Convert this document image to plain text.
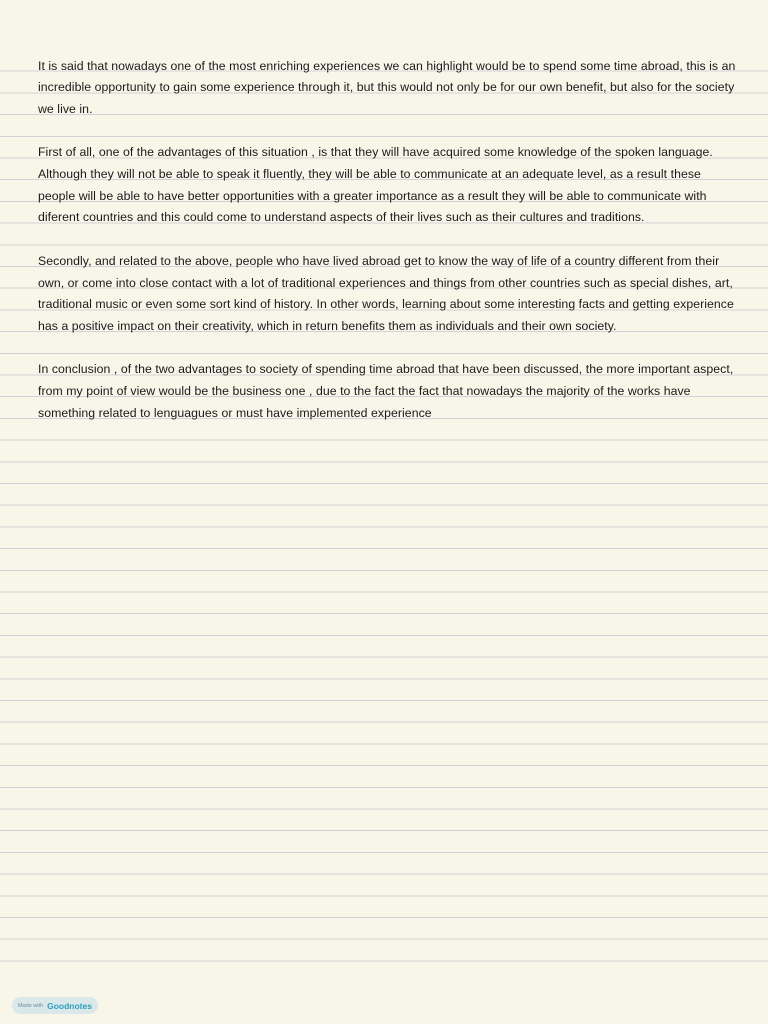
It is said that nowadays one of the most enriching experiences we can highlight would be to spend some time abroad, this is an incredible opportunity to gain some experience through it, but this would not only be for our own benefit, but also for the society we live in.

First of all, one of the advantages of this situation , is that they will have acquired some knowledge of the spoken language. Although they will not be able to speak it fluently, they will be able to communicate at an adequate level, as a result these people will be able to have better opportunities with a greater importance as a result they will be able to communicate with diferent countries and this could come to understand aspects of their lives such as their cultures and traditions.

Secondly, and related to the above, people who have lived abroad get to know the way of life of a country different from their own, or come into close contact with a lot of traditional experiences and things from other countries such as special dishes, art, traditional music or even some sort kind of history. In other words, learning about some interesting facts and getting experience has a positive impact on their creativity, which in return benefits them as individuals and their own society.

In conclusion , of the two advantages to society of spending time abroad that have been discussed, the more important aspect, from my point of view would be the business one , due to the fact the fact that nowadays the majority of the works have something related to lenguagues or must have implemented experience

Made with Goodnotes
